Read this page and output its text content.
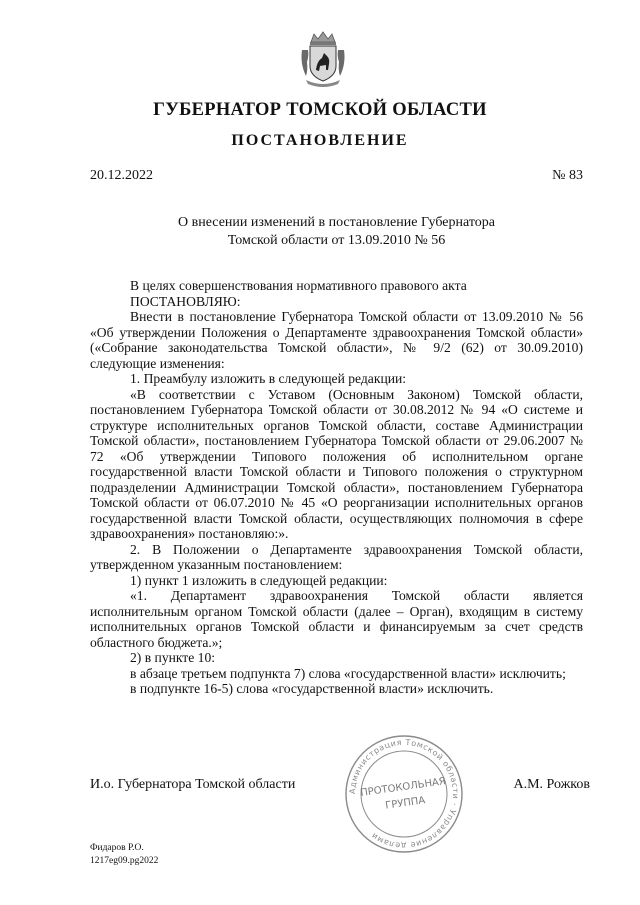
ГУБЕРНАТОР ТОМСКОЙ ОБЛАСТИ
ПОСТАНОВЛЕНИЕ
20.12.2022	№ 83
О внесении изменений в постановление Губернатора
Томской области от 13.09.2010 № 56

В целях совершенствования нормативного правового акта

ПОСТАНОВЛЯЮ:

Внести в постановление Губернатора Томской области от 13.09.2010 № 56 «Об утверждении Положения о Департаменте здравоохранения Томской области» («Собрание законодательства Томской области», № 9/2 (62) от 30.09.2010) следующие изменения:

1. Преамбулу изложить в следующей редакции:

«В соответствии с Уставом (Основным Законом) Томской области, постановлением Губернатора Томской области от 30.08.2012 № 94 «О системе и структуре исполнительных органов Томской области, составе Администрации Томской области», постановлением Губернатора Томской области от 29.06.2007 № 72 «Об утверждении Типового положения об исполнительном органе государственной власти Томской области и Типового положения о структурном подразделении Администрации Томской области», постановлением Губернатора Томской области от 06.07.2010 № 45 «О реорганизации исполнительных органов государственной власти Томской области, осуществляющих полномочия в сфере здравоохранения» постановляю:».

2. В Положении о Департаменте здравоохранения Томской области, утвержденном указанным постановлением:

1) пункт 1 изложить в следующей редакции:

«1. Департамент здравоохранения Томской области является исполнительным органом Томской области (далее – Орган), входящим в систему исполнительных органов Томской области и финансируемым за счет средств областного бюджета.»;

2) в пункте 10:

в абзаце третьем подпункта 7) слова «государственной власти» исключить;

в подпункте 16-5) слова «государственной власти» исключить.

И.о. Губернатора Томской области	А.М. Рожков
Администрация Томской области · Управление делами
ПРОТОКОЛЬНАЯ
ГРУППА
Фидаров Р.О.
1217eg09.pg2022
